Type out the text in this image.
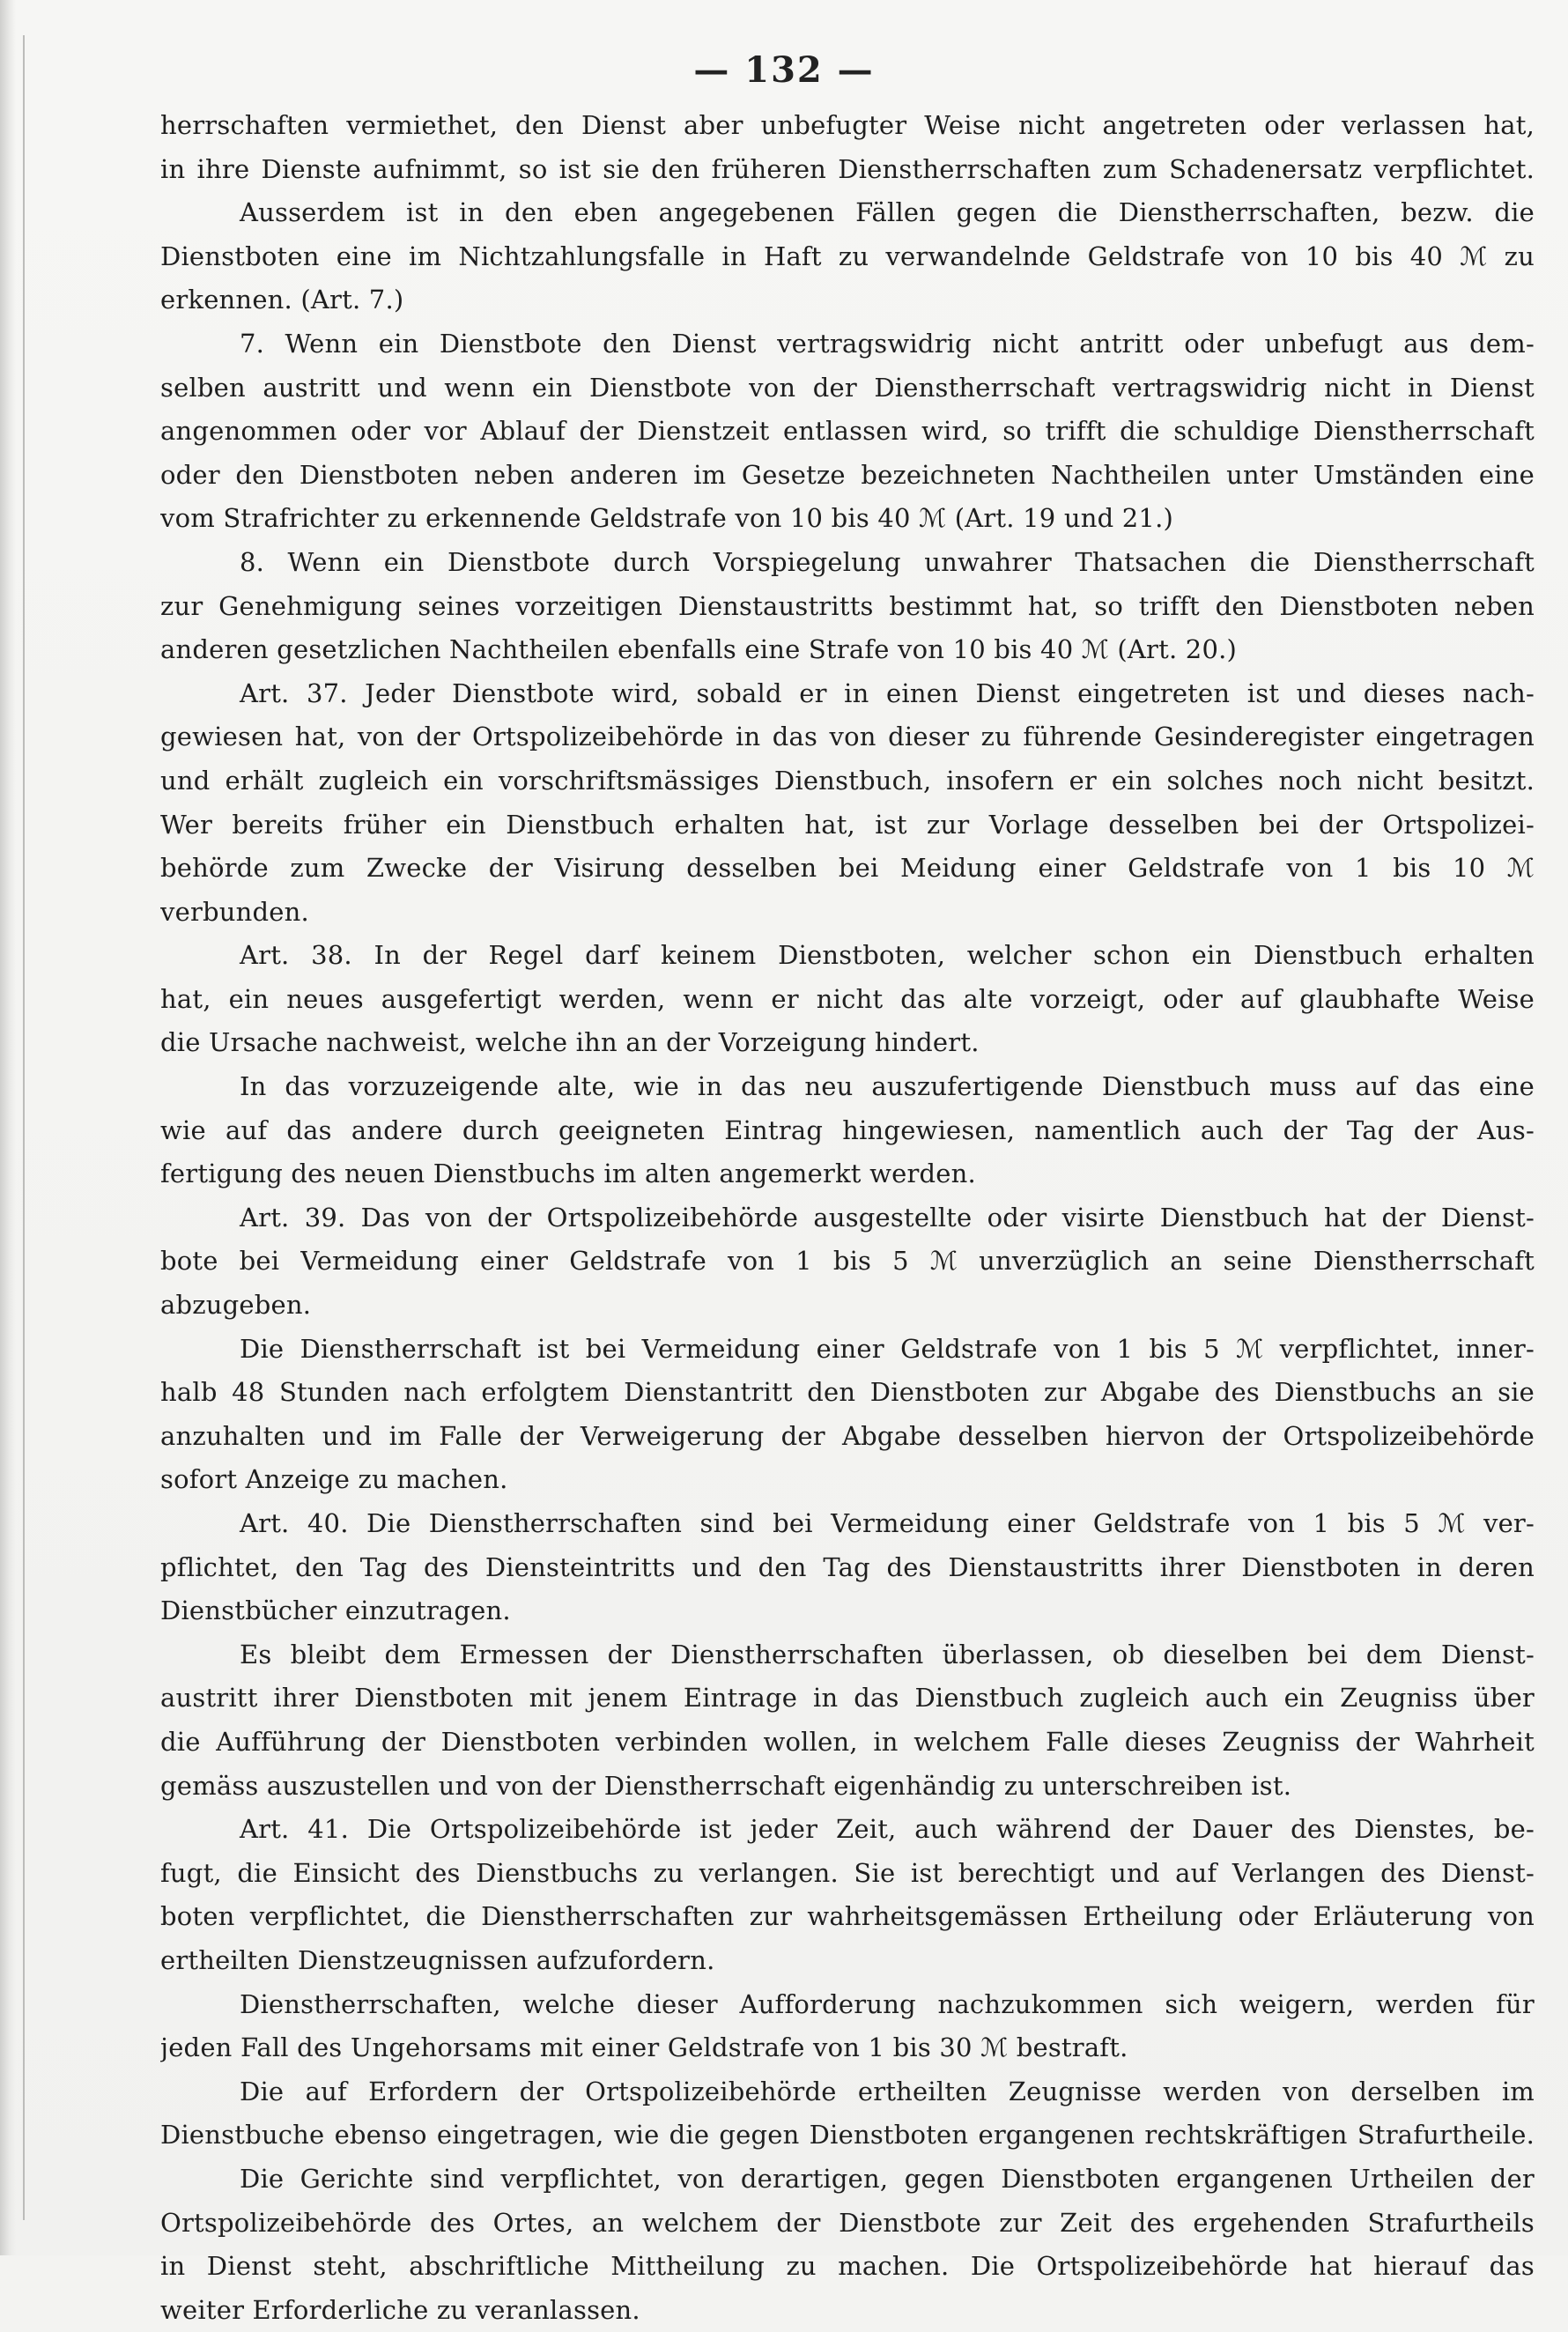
— 132 —
herrschaften vermiethet, den Dienst aber unbefugter Weise nicht angetreten oder verlassen hat,
in ihre Dienste aufnimmt, so ist sie den früheren Dienstherrschaften zum Schadenersatz verpflichtet.
Ausserdem ist in den eben angegebenen Fällen gegen die Dienstherrschaften, bezw. die
Dienstboten eine im Nichtzahlungsfalle in Haft zu verwandelnde Geldstrafe von 10 bis 40 ℳ zu
erkennen. (Art. 7.)
7. Wenn ein Dienstbote den Dienst vertragswidrig nicht antritt oder unbefugt aus dem-
selben austritt und wenn ein Dienstbote von der Dienstherrschaft vertragswidrig nicht in Dienst
angenommen oder vor Ablauf der Dienstzeit entlassen wird, so trifft die schuldige Dienstherrschaft
oder den Dienstboten neben anderen im Gesetze bezeichneten Nachtheilen unter Umständen eine
vom Strafrichter zu erkennende Geldstrafe von 10 bis 40 ℳ (Art. 19 und 21.)
8. Wenn ein Dienstbote durch Vorspiegelung unwahrer Thatsachen die Dienstherrschaft
zur Genehmigung seines vorzeitigen Dienstaustritts bestimmt hat, so trifft den Dienstboten neben
anderen gesetzlichen Nachtheilen ebenfalls eine Strafe von 10 bis 40 ℳ (Art. 20.)
Art. 37. Jeder Dienstbote wird, sobald er in einen Dienst eingetreten ist und dieses nach-
gewiesen hat, von der Ortspolizeibehörde in das von dieser zu führende Gesinderegister eingetragen
und erhält zugleich ein vorschriftsmässiges Dienstbuch, insofern er ein solches noch nicht besitzt.
Wer bereits früher ein Dienstbuch erhalten hat, ist zur Vorlage desselben bei der Ortspolizei-
behörde zum Zwecke der Visirung desselben bei Meidung einer Geldstrafe von 1 bis 10 ℳ
verbunden.
Art. 38. In der Regel darf keinem Dienstboten, welcher schon ein Dienstbuch erhalten
hat, ein neues ausgefertigt werden, wenn er nicht das alte vorzeigt, oder auf glaubhafte Weise
die Ursache nachweist, welche ihn an der Vorzeigung hindert.
In das vorzuzeigende alte, wie in das neu auszufertigende Dienstbuch muss auf das eine
wie auf das andere durch geeigneten Eintrag hingewiesen, namentlich auch der Tag der Aus-
fertigung des neuen Dienstbuchs im alten angemerkt werden.
Art. 39. Das von der Ortspolizeibehörde ausgestellte oder visirte Dienstbuch hat der Dienst-
bote bei Vermeidung einer Geldstrafe von 1 bis 5 ℳ unverzüglich an seine Dienstherrschaft
abzugeben.
Die Dienstherrschaft ist bei Vermeidung einer Geldstrafe von 1 bis 5 ℳ verpflichtet, inner-
halb 48 Stunden nach erfolgtem Dienstantritt den Dienstboten zur Abgabe des Dienstbuchs an sie
anzuhalten und im Falle der Verweigerung der Abgabe desselben hiervon der Ortspolizeibehörde
sofort Anzeige zu machen.
Art. 40. Die Dienstherrschaften sind bei Vermeidung einer Geldstrafe von 1 bis 5 ℳ ver-
pflichtet, den Tag des Diensteintritts und den Tag des Dienstaustritts ihrer Dienstboten in deren
Dienstbücher einzutragen.
Es bleibt dem Ermessen der Dienstherrschaften überlassen, ob dieselben bei dem Dienst-
austritt ihrer Dienstboten mit jenem Eintrage in das Dienstbuch zugleich auch ein Zeugniss über
die Aufführung der Dienstboten verbinden wollen, in welchem Falle dieses Zeugniss der Wahrheit
gemäss auszustellen und von der Dienstherrschaft eigenhändig zu unterschreiben ist.
Art. 41. Die Ortspolizeibehörde ist jeder Zeit, auch während der Dauer des Dienstes, be-
fugt, die Einsicht des Dienstbuchs zu verlangen. Sie ist berechtigt und auf Verlangen des Dienst-
boten verpflichtet, die Dienstherrschaften zur wahrheitsgemässen Ertheilung oder Erläuterung von
ertheilten Dienstzeugnissen aufzufordern.
Dienstherrschaften, welche dieser Aufforderung nachzukommen sich weigern, werden für
jeden Fall des Ungehorsams mit einer Geldstrafe von 1 bis 30 ℳ bestraft.
Die auf Erfordern der Ortspolizeibehörde ertheilten Zeugnisse werden von derselben im
Dienstbuche ebenso eingetragen, wie die gegen Dienstboten ergangenen rechtskräftigen Strafurtheile.
Die Gerichte sind verpflichtet, von derartigen, gegen Dienstboten ergangenen Urtheilen der
Ortspolizeibehörde des Ortes, an welchem der Dienstbote zur Zeit des ergehenden Strafurtheils
in Dienst steht, abschriftliche Mittheilung zu machen. Die Ortspolizeibehörde hat hierauf das
weiter Erforderliche zu veranlassen.
